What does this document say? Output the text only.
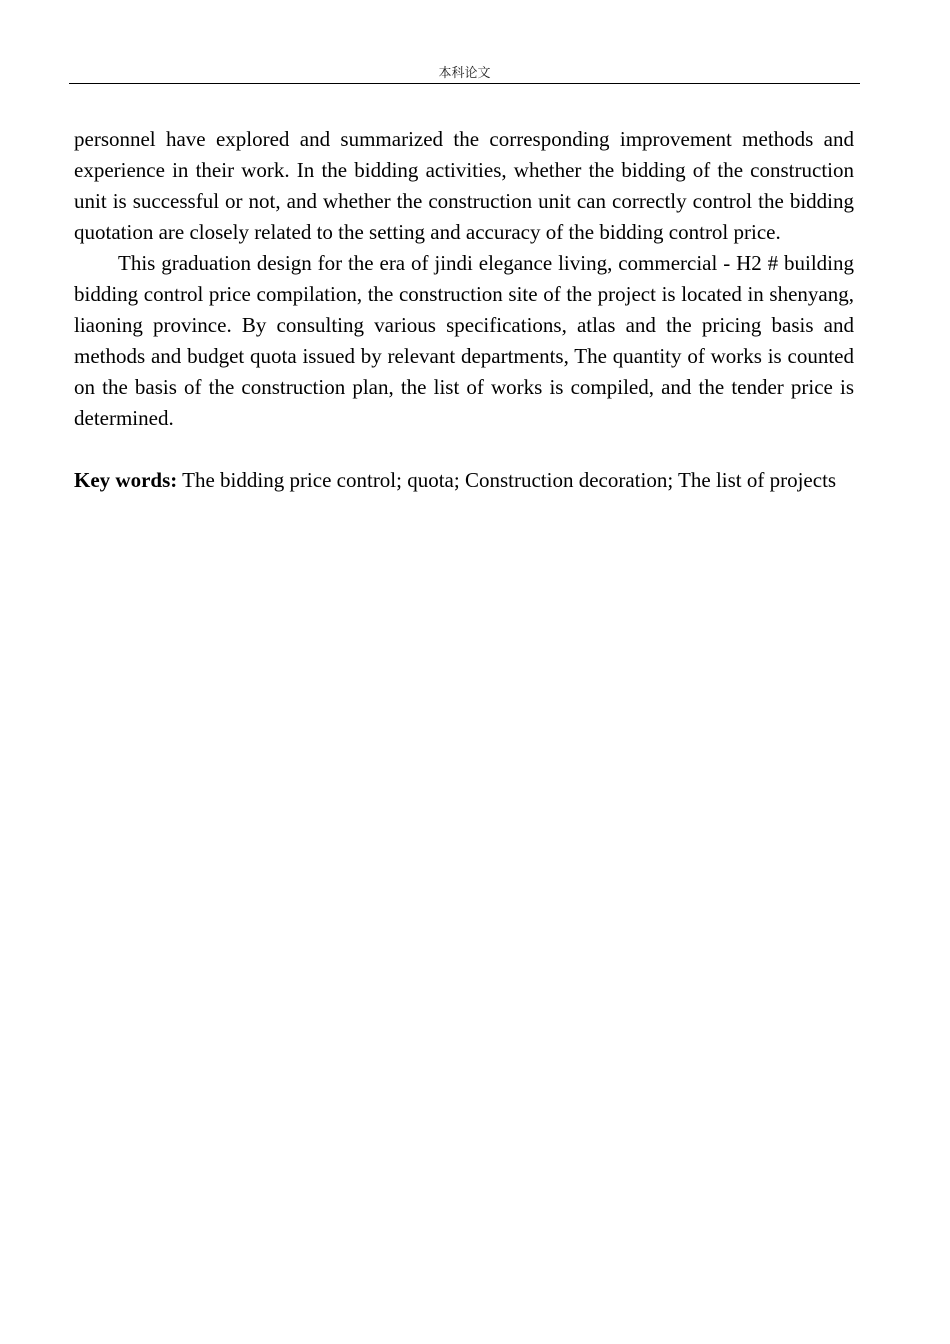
本科论文

personnel have explored and summarized the corresponding improvement methods and experience in their work. In the bidding activities, whether the bidding of the construction unit is successful or not, and whether the construction unit can correctly control the bidding quotation are closely related to the setting and accuracy of the bidding control price.

This graduation design for the era of jindi elegance living, commercial - H2 # building bidding control price compilation, the construction site of the project is located in shenyang, liaoning province. By consulting various specifications, atlas and the pricing basis and methods and budget quota issued by relevant departments, The quantity of works is counted on the basis of the construction plan, the list of works is compiled, and the tender price is determined.

Key words: The bidding price control; quota; Construction decoration; The list of projects
